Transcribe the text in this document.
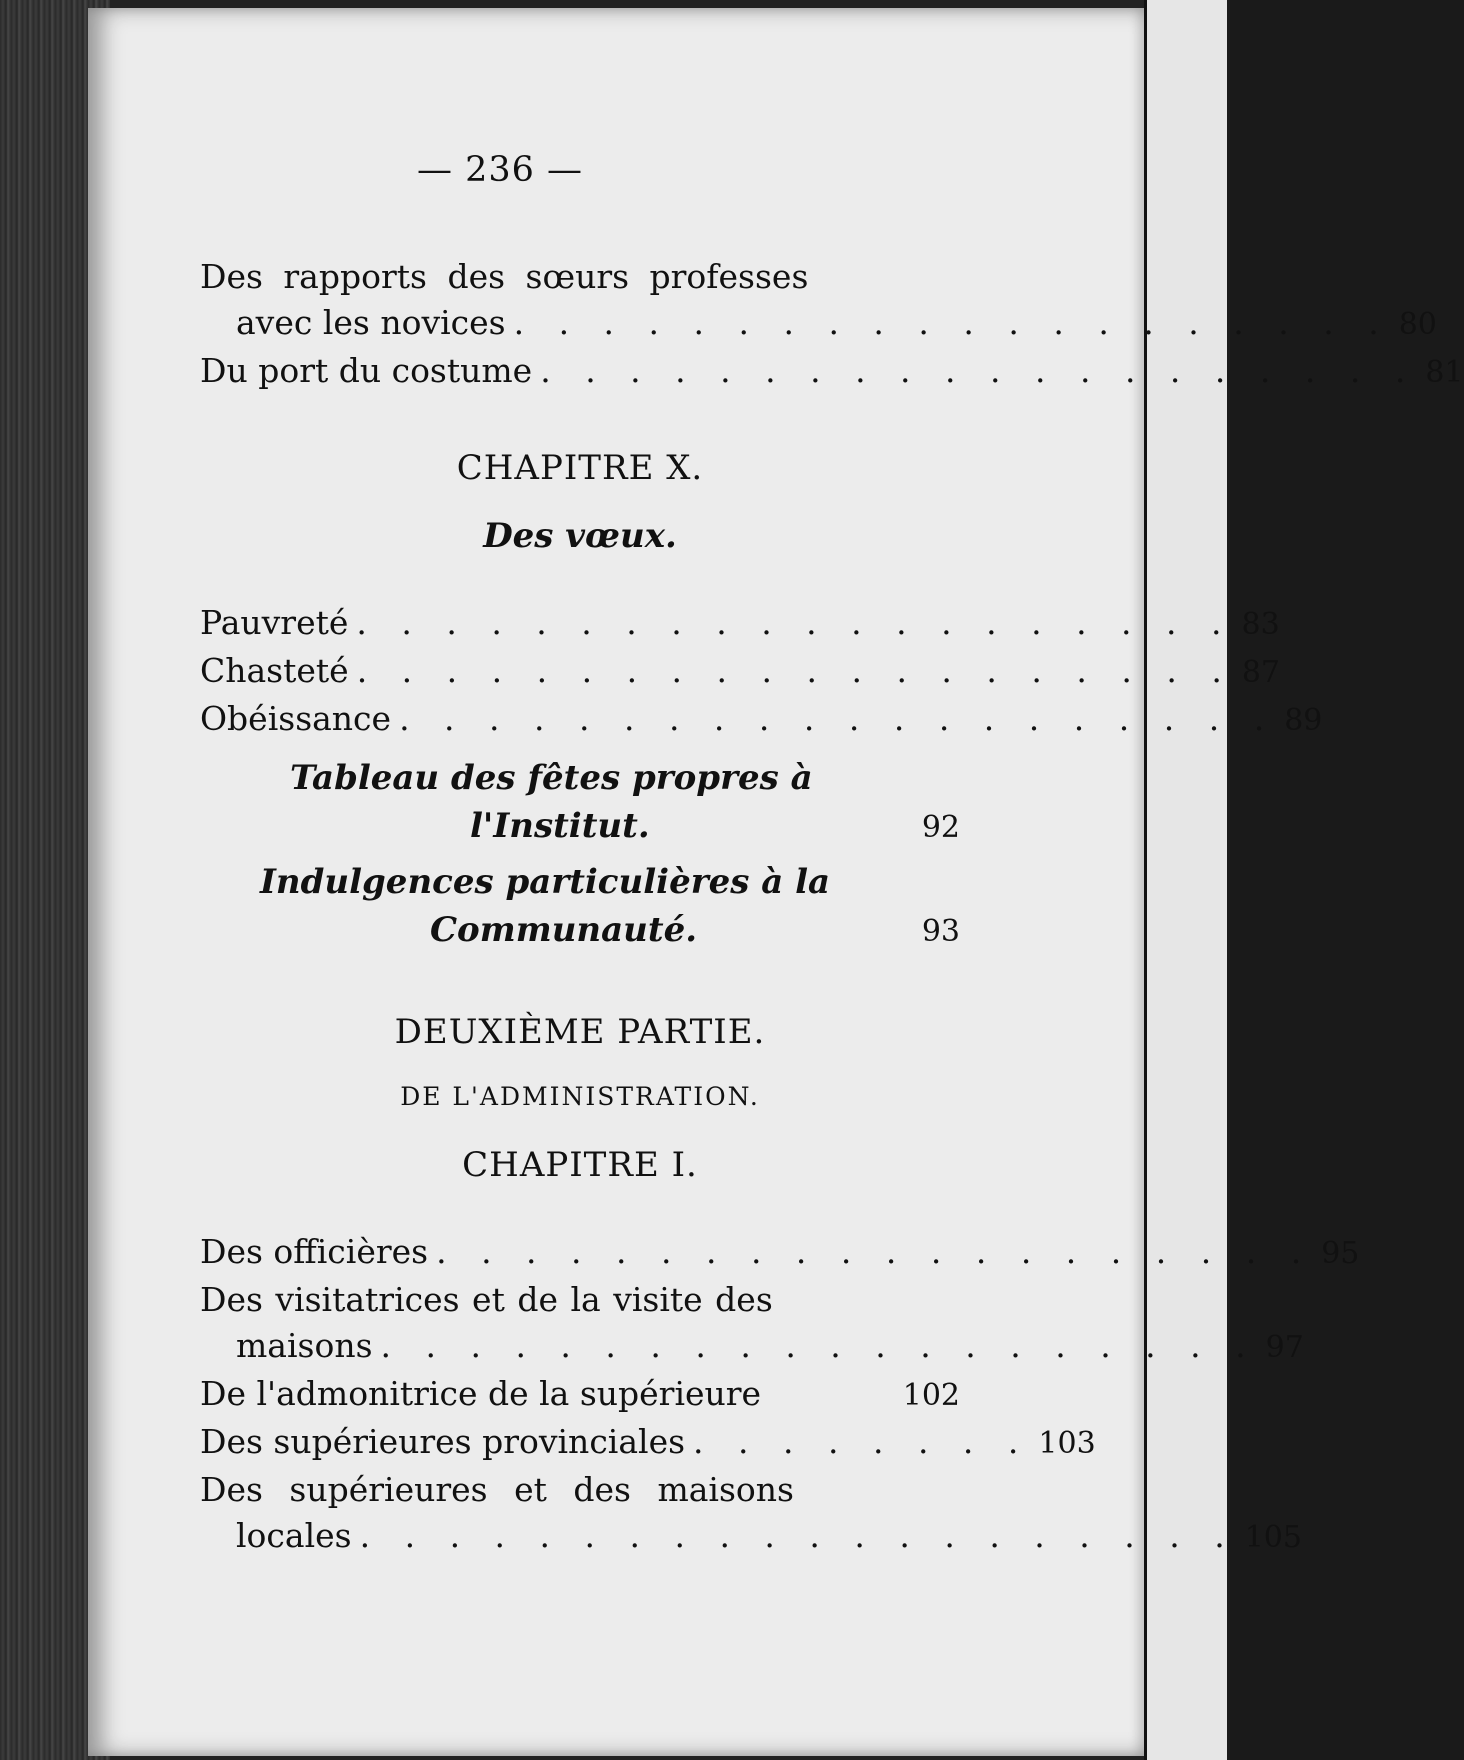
— 236 —
Des rapports des sœurs professes
avec les novices . . . . . . . . . . . . . . . . . . . . 80
Du port du costume . . . . . . . . . . . . . . . . . . . . 81
CHAPITRE X.
Des vœux.
Pauvreté . . . . . . . . . . . . . . . . . . . . 83
Chasteté . . . . . . . . . . . . . . . . . . . . 87
Obéissance . . . . . . . . . . . . . . . . . . . . 89
Tableau des fêtes propres à
l'Institut.	92
Indulgences particulières à la
Communauté.	93
DEUXIÈME PARTIE.
DE L'ADMINISTRATION.
CHAPITRE I.
Des officières . . . . . . . . . . . . . . . . . . . . 95
Des visitatrices et de la visite des
maisons . . . . . . . . . . . . . . . . . . . . 97
De l'admonitrice de la supérieure	102
Des supérieures provinciales . . . . . . . . 103
Des supérieures et des maisons
locales . . . . . . . . . . . . . . . . . . . . 105
